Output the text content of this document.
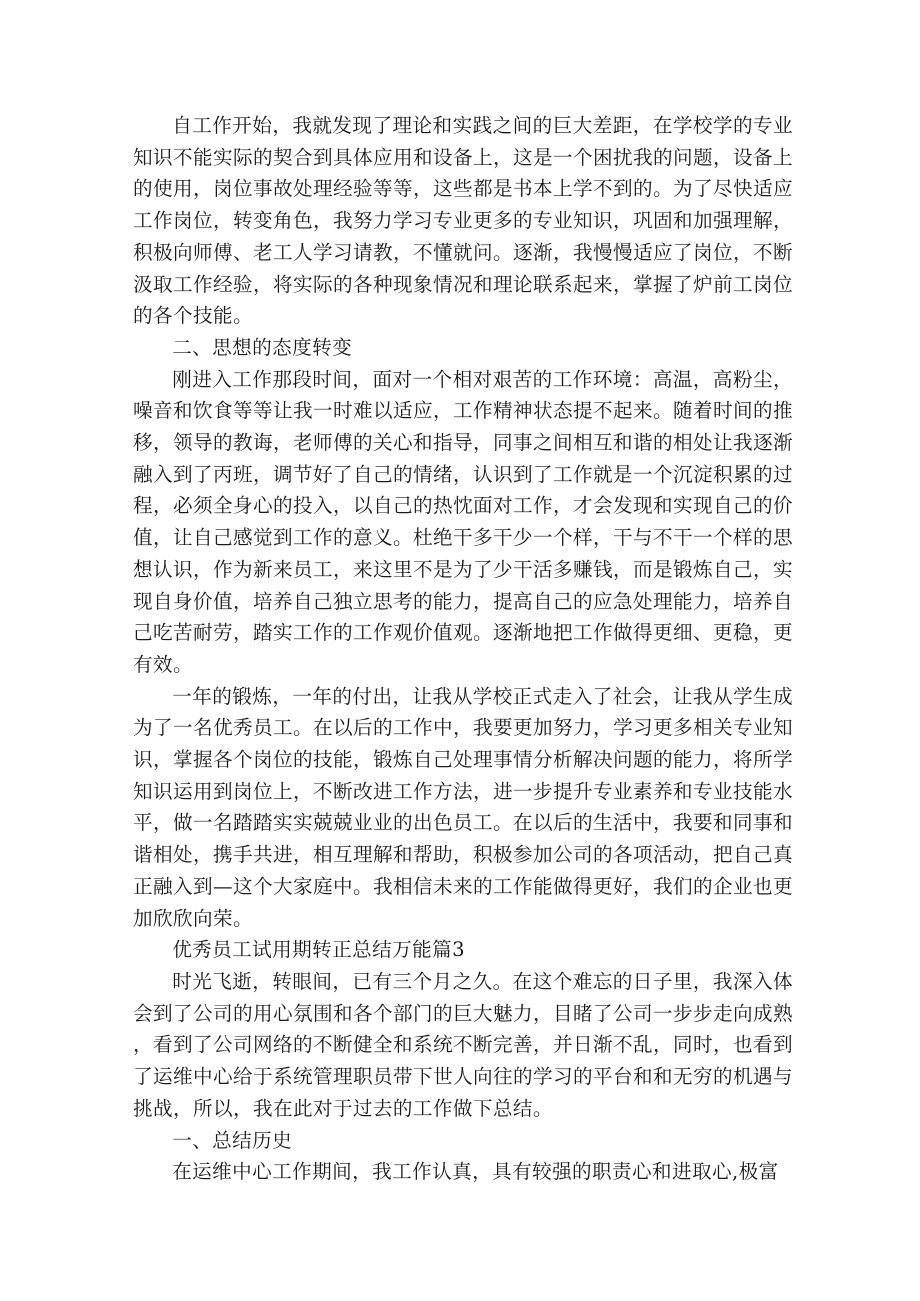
自工作开始，我就发现了理论和实践之间的巨大差距，在学校学的专业知识不能实际的契合到具体应用和设备上，这是一个困扰我的问题，设备上的使用，岗位事故处理经验等等，这些都是书本上学不到的。为了尽快适应工作岗位，转变角色，我努力学习专业更多的专业知识，巩固和加强理解，积极向师傅、老工人学习请教，不懂就问。逐渐，我慢慢适应了岗位，不断汲取工作经验，将实际的各种现象情况和理论联系起来，掌握了炉前工岗位的各个技能。

二、思想的态度转变

刚进入工作那段时间，面对一个相对艰苦的工作环境：高温，高粉尘，噪音和饮食等等让我一时难以适应，工作精神状态提不起来。随着时间的推移，领导的教诲，老师傅的关心和指导，同事之间相互和谐的相处让我逐渐融入到了丙班，调节好了自己的情绪，认识到了工作就是一个沉淀积累的过程，必须全身心的投入，以自己的热忱面对工作，才会发现和实现自己的价值，让自己感觉到工作的意义。杜绝干多干少一个样，干与不干一个样的思想认识，作为新来员工，来这里不是为了少干活多赚钱，而是锻炼自己，实现自身价值，培养自己独立思考的能力，提高自己的应急处理能力，培养自己吃苦耐劳，踏实工作的工作观价值观。逐渐地把工作做得更细、更稳，更有效。

一年的锻炼，一年的付出，让我从学校正式走入了社会，让我从学生成为了一名优秀员工。在以后的工作中，我要更加努力，学习更多相关专业知识，掌握各个岗位的技能，锻炼自己处理事情分析解决问题的能力，将所学知识运用到岗位上，不断改进工作方法，进一步提升专业素养和专业技能水平，做一名踏踏实实兢兢业业的出色员工。在以后的生活中，我要和同事和谐相处，携手共进，相互理解和帮助，积极参加公司的各项活动，把自己真正融入到—这个大家庭中。我相信未来的工作能做得更好，我们的企业也更加欣欣向荣。

优秀员工试用期转正总结万能篇3

时光飞逝，转眼间，已有三个月之久。在这个难忘的日子里，我深入体会到了公司的用心氛围和各个部门的巨大魅力，目睹了公司一步步走向成熟，看到了公司网络的不断健全和系统不断完善，并日渐不乱，同时，也看到了运维中心给于系统管理职员带下世人向往的学习的平台和和无穷的机遇与挑战，所以，我在此对于过去的工作做下总结。

一、总结历史

在运维中心工作期间，我工作认真，具有较强的职责心和进取心,极富
